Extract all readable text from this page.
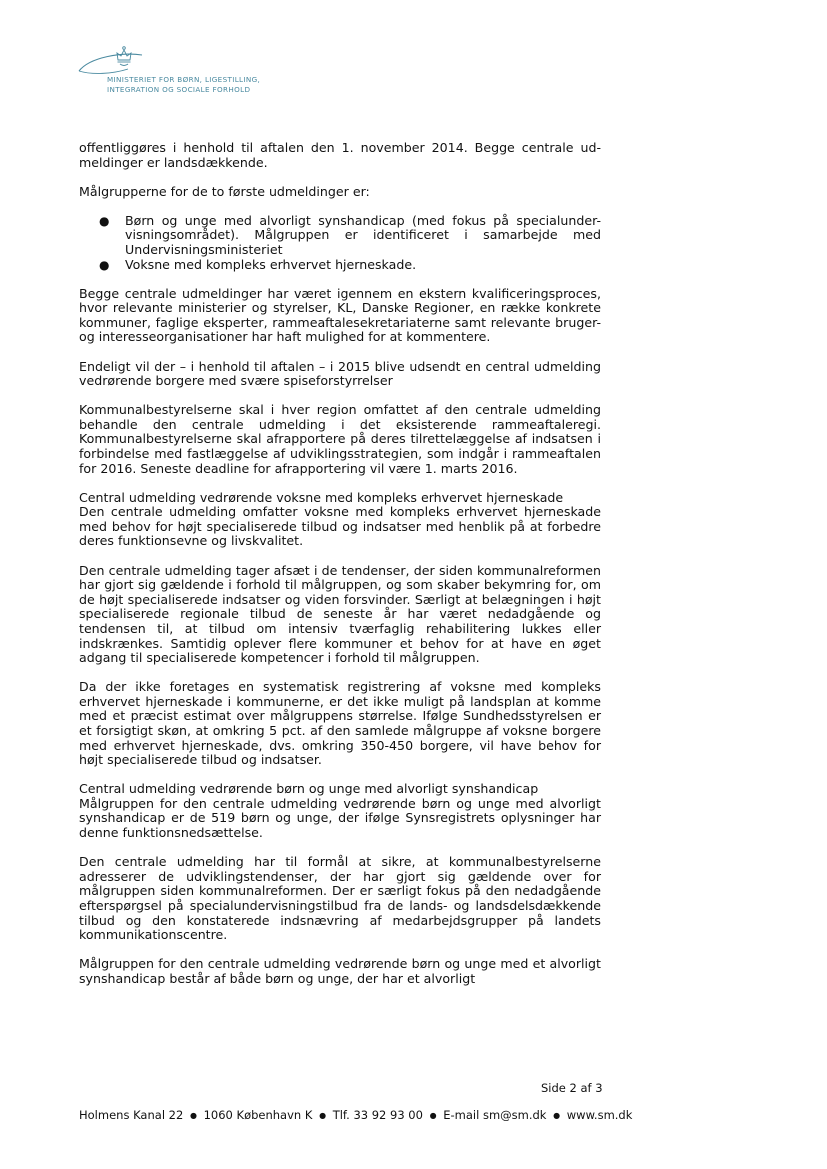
MINISTERIET FOR BØRN, LIGESTILLING,
INTEGRATION OG SOCIALE FORHOLD

offentliggøres i henhold til aftalen den 1. november 2014. Begge centrale ud-meldinger er landsdækkende.

Målgrupperne for de to første udmeldinger er:

● Børn og unge med alvorligt synshandicap (med fokus på specialunder-visningsområdet). Målgruppen er identificeret i samarbejde med Undervisningsministeriet
● Voksne med kompleks erhvervet hjerneskade.

Begge centrale udmeldinger har været igennem en ekstern kvalificeringsproces, hvor relevante ministerier og styrelser, KL, Danske Regioner, en række konkrete kommuner, faglige eksperter, rammeaftalesekretariaterne samt relevante bruger- og interesseorganisationer har haft mulighed for at kommentere.

Endeligt vil der – i henhold til aftalen – i 2015 blive udsendt en central udmelding vedrørende borgere med svære spiseforstyrrelser

Kommunalbestyrelserne skal i hver region omfattet af den centrale udmelding behandle den centrale udmelding i det eksisterende rammeaftaleregi. Kommunalbestyrelserne skal afrapportere på deres tilrettelæggelse af indsatsen i forbindelse med fastlæggelse af udviklingsstrategien, som indgår i rammeaftalen for 2016. Seneste deadline for afrapportering vil være 1. marts 2016.

Central udmelding vedrørende voksne med kompleks erhvervet hjerneskade
Den centrale udmelding omfatter voksne med kompleks erhvervet hjerneskade med behov for højt specialiserede tilbud og indsatser med henblik på at forbedre deres funktionsevne og livskvalitet.

Den centrale udmelding tager afsæt i de tendenser, der siden kommunalreformen har gjort sig gældende i forhold til målgruppen, og som skaber bekymring for, om de højt specialiserede indsatser og viden forsvinder. Særligt at belægningen i højt specialiserede regionale tilbud de seneste år har været nedadgående og tendensen til, at tilbud om intensiv tværfaglig rehabilitering lukkes eller indskrænkes. Samtidig oplever flere kommuner et behov for at have en øget adgang til specialiserede kompetencer i forhold til målgruppen.

Da der ikke foretages en systematisk registrering af voksne med kompleks erhvervet hjerneskade i kommunerne, er det ikke muligt på landsplan at komme med et præcist estimat over målgruppens størrelse. Ifølge Sundhedsstyrelsen er et forsigtigt skøn, at omkring 5 pct. af den samlede målgruppe af voksne borgere med erhvervet hjerneskade, dvs. omkring 350-450 borgere, vil have behov for højt specialiserede tilbud og indsatser.

Central udmelding vedrørende børn og unge med alvorligt synshandicap
Målgruppen for den centrale udmelding vedrørende børn og unge med alvorligt synshandicap er de 519 børn og unge, der ifølge Synsregistrets oplysninger har denne funktionsnedsættelse.

Den centrale udmelding har til formål at sikre, at kommunalbestyrelserne adresserer de udviklingstendenser, der har gjort sig gældende over for målgruppen siden kommunalreformen. Der er særligt fokus på den nedadgående efterspørgsel på specialundervisningstilbud fra de lands- og landsdelsdækkende tilbud og den konstaterede indsnævring af medarbejdsgrupper på landets kommunikationscentre.

Målgruppen for den centrale udmelding vedrørende børn og unge med et alvorligt synshandicap består af både børn og unge, der har et alvorligt

Side 2 af 3
Holmens Kanal 22 ● 1060 København K ● Tlf. 33 92 93 00 ● E-mail sm@sm.dk ● www.sm.dk
